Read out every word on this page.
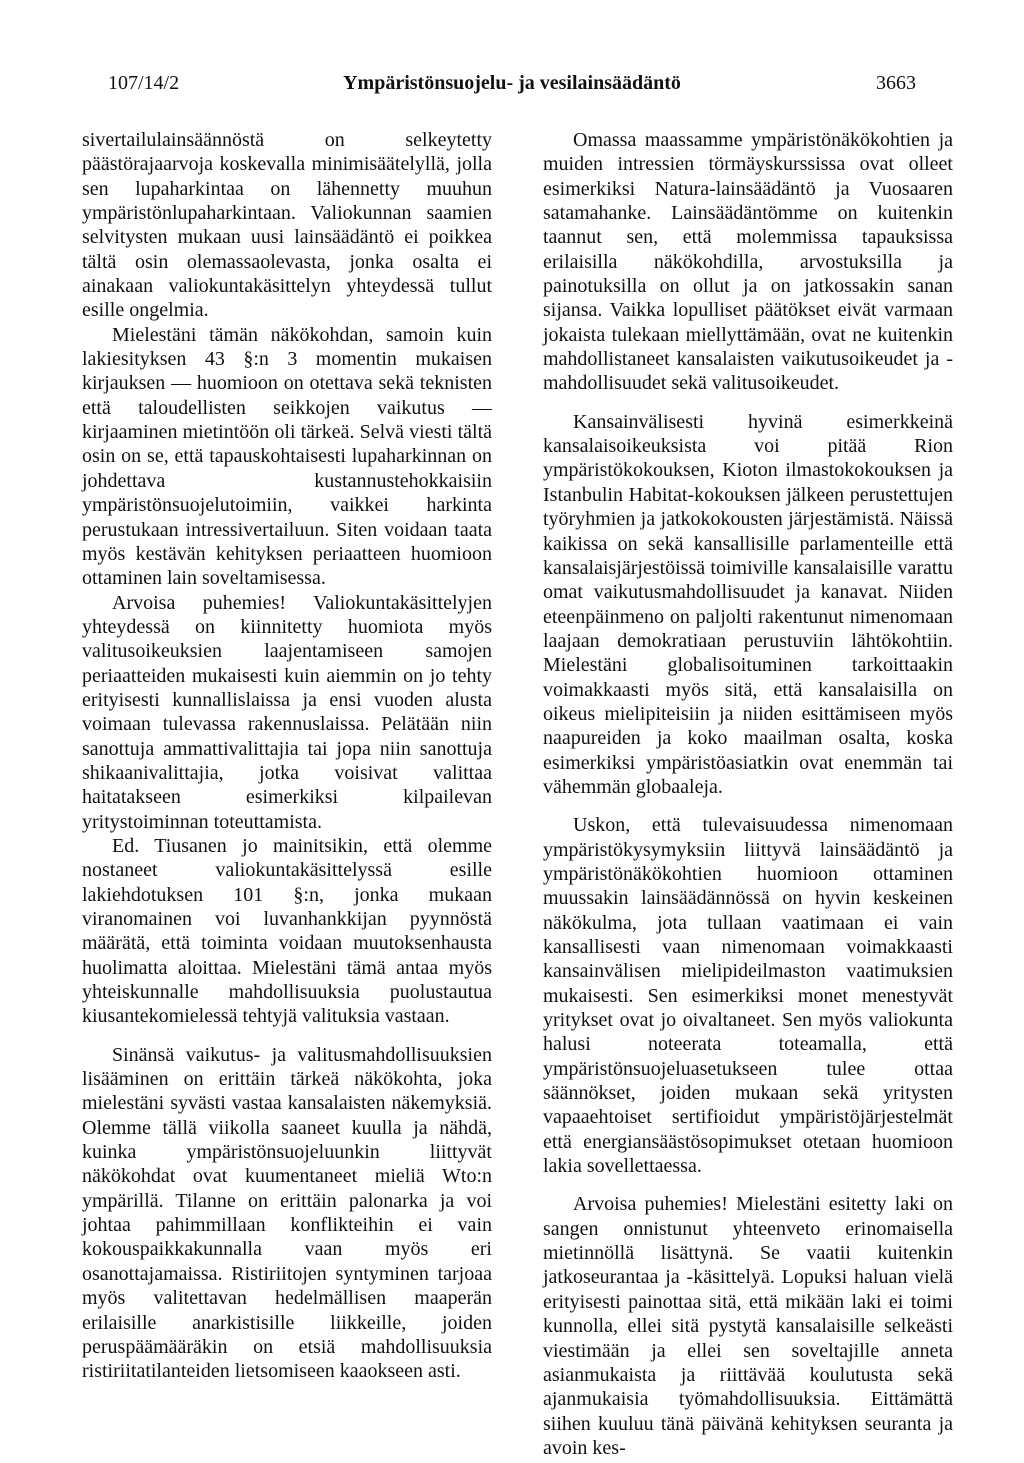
107/14/2	Ympäristönsuojelu- ja vesilainsäädäntö	3663

sivertailulainsäännöstä on selkeytetty päästörajaarvoja koskevalla minimisäätelyllä, jolla sen lupaharkintaa on lähennetty muuhun ympäristönlupaharkintaan. Valiokunnan saamien selvitysten mukaan uusi lainsäädäntö ei poikkea tältä osin olemassaolevasta, jonka osalta ei ainakaan valiokuntakäsittelyn yhteydessä tullut esille ongelmia.

Mielestäni tämän näkökohdan, samoin kuin lakiesityksen 43 §:n 3 momentin mukaisen kirjauksen — huomioon on otettava sekä teknisten että taloudellisten seikkojen vaikutus — kirjaaminen mietintöön oli tärkeä. Selvä viesti tältä osin on se, että tapauskohtaisesti lupaharkinnan on johdettava kustannustehokkaisiin ympäristönsuojelutoimiin, vaikkei harkinta perustukaan intressivertailuun. Siten voidaan taata myös kestävän kehityksen periaatteen huomioon ottaminen lain soveltamisessa.

Arvoisa puhemies! Valiokuntakäsittelyjen yhteydessä on kiinnitetty huomiota myös valitusoikeuksien laajentamiseen samojen periaatteiden mukaisesti kuin aiemmin on jo tehty erityisesti kunnallislaissa ja ensi vuoden alusta voimaan tulevassa rakennuslaissa. Pelätään niin sanottuja ammattivalittajia tai jopa niin sanottuja shikaanivalittajia, jotka voisivat valittaa haitatakseen esimerkiksi kilpailevan yritystoiminnan toteuttamista.

Ed. Tiusanen jo mainitsikin, että olemme nostaneet valiokuntakäsittelyssä esille lakiehdotuksen 101 §:n, jonka mukaan viranomainen voi luvanhankkijan pyynnöstä määrätä, että toiminta voidaan muutoksenhausta huolimatta aloittaa. Mielestäni tämä antaa myös yhteiskunnalle mahdollisuuksia puolustautua kiusantekomielessä tehtyjä valituksia vastaan.

Sinänsä vaikutus- ja valitusmahdollisuuksien lisääminen on erittäin tärkeä näkökohta, joka mielestäni syvästi vastaa kansalaisten näkemyksiä. Olemme tällä viikolla saaneet kuulla ja nähdä, kuinka ympäristönsuojeluunkin liittyvät näkökohdat ovat kuumentaneet mieliä Wto:n ympärillä. Tilanne on erittäin palonarka ja voi johtaa pahimmillaan konflikteihin ei vain kokouspaikkakunnalla vaan myös eri osanottajamaissa. Ristiriitojen syntyminen tarjoaa myös valitettavan hedelmällisen maaperän erilaisille anarkistisille liikkeille, joiden peruspäämääräkin on etsiä mahdollisuuksia ristiriitatilanteiden lietsomiseen kaaokseen asti.

Omassa maassamme ympäristönäkökohtien ja muiden intressien törmäyskurssissa ovat olleet esimerkiksi Natura-lainsäädäntö ja Vuosaaren satamahanke. Lainsäädäntömme on kuitenkin taannut sen, että molemmissa tapauksissa erilaisilla näkökohdilla, arvostuksilla ja painotuksilla on ollut ja on jatkossakin sanan sijansa. Vaikka lopulliset päätökset eivät varmaan jokaista tulekaan miellyttämään, ovat ne kuitenkin mahdollistaneet kansalaisten vaikutusoikeudet ja -mahdollisuudet sekä valitusoikeudet.

Kansainvälisesti hyvinä esimerkkeinä kansalaisoikeuksista voi pitää Rion ympäristökokouksen, Kioton ilmastokokouksen ja Istanbulin Habitat-kokouksen jälkeen perustettujen työryhmien ja jatkokokousten järjestämistä. Näissä kaikissa on sekä kansallisille parlamenteille että kansalaisjärjestöissä toimiville kansalaisille varattu omat vaikutusmahdollisuudet ja kanavat. Niiden eteenpäinmeno on paljolti rakentunut nimenomaan laajaan demokratiaan perustuviin lähtökohtiin. Mielestäni globalisoituminen tarkoittaakin voimakkaasti myös sitä, että kansalaisilla on oikeus mielipiteisiin ja niiden esittämiseen myös naapureiden ja koko maailman osalta, koska esimerkiksi ympäristöasiatkin ovat enemmän tai vähemmän globaaleja.

Uskon, että tulevaisuudessa nimenomaan ympäristökysymyksiin liittyvä lainsäädäntö ja ympäristönäkökohtien huomioon ottaminen muussakin lainsäädännössä on hyvin keskeinen näkökulma, jota tullaan vaatimaan ei vain kansallisesti vaan nimenomaan voimakkaasti kansainvälisen mielipideilmaston vaatimuksien mukaisesti. Sen esimerkiksi monet menestyvät yritykset ovat jo oivaltaneet. Sen myös valiokunta halusi noteerata toteamalla, että ympäristönsuojeluasetukseen tulee ottaa säännökset, joiden mukaan sekä yritysten vapaaehtoiset sertifioidut ympäristöjärjestelmät että energiansäästösopimukset otetaan huomioon lakia sovellettaessa.

Arvoisa puhemies! Mielestäni esitetty laki on sangen onnistunut yhteenveto erinomaisella mietinnöllä lisättynä. Se vaatii kuitenkin jatkoseurantaa ja -käsittelyä. Lopuksi haluan vielä erityisesti painottaa sitä, että mikään laki ei toimi kunnolla, ellei sitä pystytä kansalaisille selkeästi viestimään ja ellei sen soveltajille anneta asianmukaista ja riittävää koulutusta sekä ajanmukaisia työmahdollisuuksia. Eittämättä siihen kuuluu tänä päivänä kehityksen seuranta ja avoin kes-
